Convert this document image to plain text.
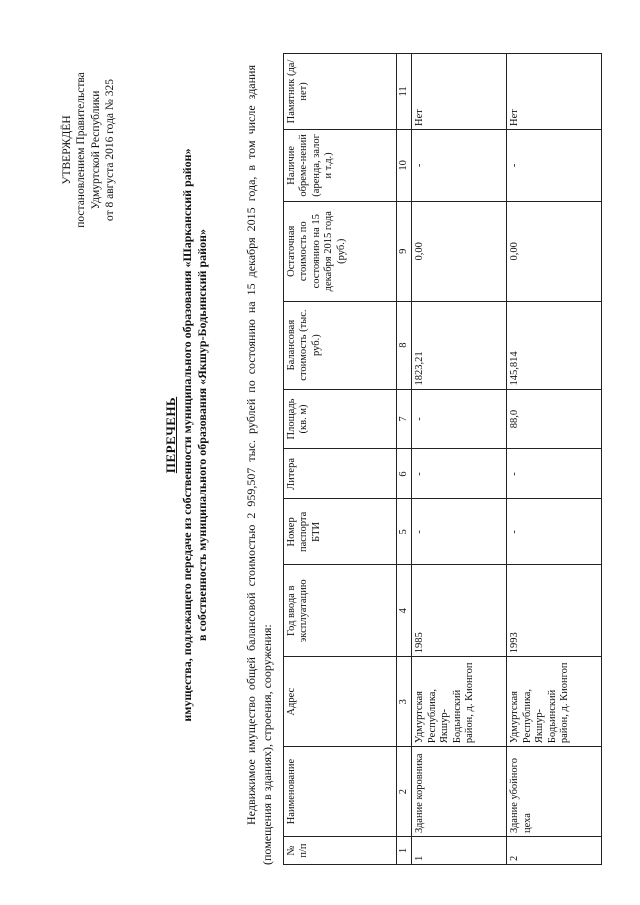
УТВЕРЖДЁН постановлением Правительства Удмуртской Республики от 8 августа 2016 года № 325
ПЕРЕЧЕНЬ имущества, подлежащего передаче из собственности муниципального образования «Шарканский район» в собственность муниципального образования «Якшур-Бодьинский район»	Недвижимое имущество общей балансовой стоимостью 2 959,507 тыс. рублей по состоянию на 15 декабря 2015 года, в том числе здания (помещения в зданиях), строения, сооружения: № п/п	Наименование	Адрес	Год ввода в эксплуатацию	Номер паспорта БТИ	Литера	Площадь (кв. м)	Балансовая стоимость (тыс. руб.)	Остаточная стоимость по состоянию на 15 декабря 2015 года (руб.)	Наличие обреме-нений (аренда, залог и т.д.)	Памятник (да/нет)
1	2	3	4	5	6	7	8	9	10	11
1	Здание коровника	Удмуртская Республика, Якшур-Бодьинский район, д. Кионгоп	1985	-	-	-	1823,21	0,00	-	Нет
2	Здание убойного цеха	Удмуртская Республика, Якшур-Бодьинский район, д. Кионгоп	1993	-	-	88,0	145,814	0,00	-	Нет
